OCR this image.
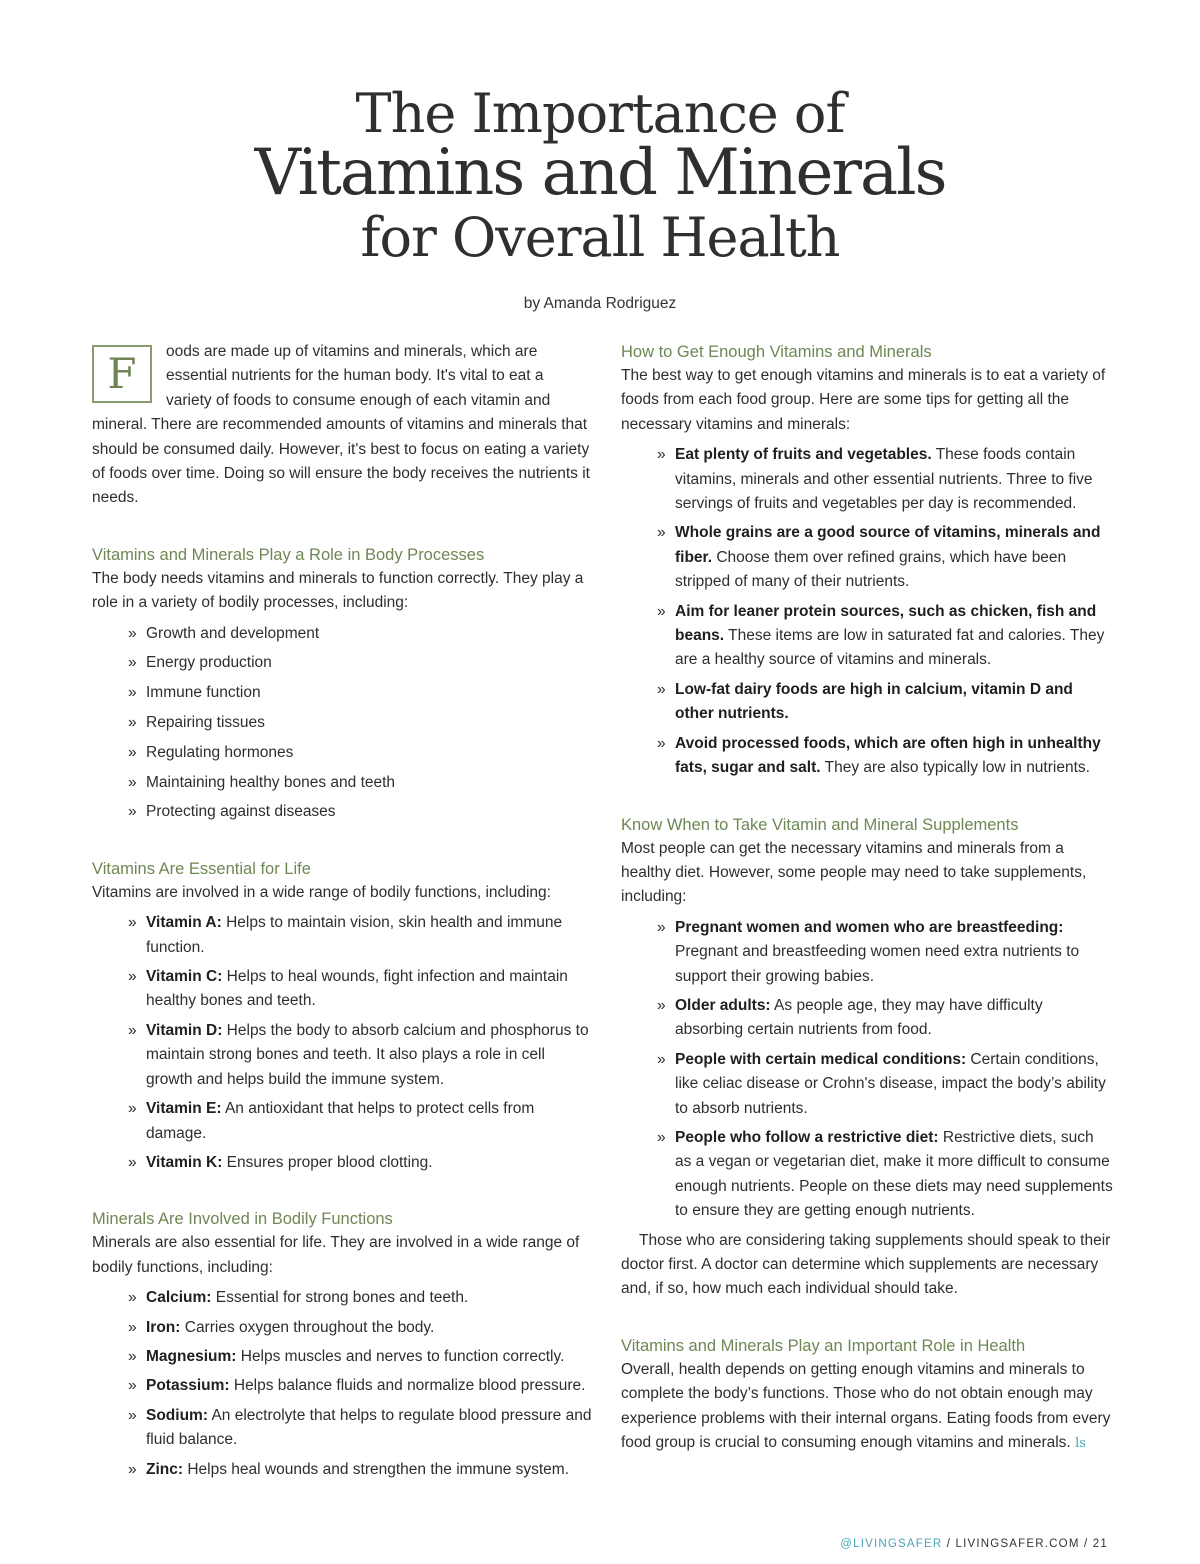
The Importance of
Vitamins and Minerals
for Overall Health
by Amanda Rodriguez
F	oods are made up of vitamins and minerals, which are essential nutrients for the human body. It's vital to eat a variety of foods to consume enough of each vitamin and mineral. There are recommended amounts of vitamins and minerals that should be consumed daily. However, it's best to focus on eating a variety of foods over time. Doing so will ensure the body receives the nutrients it needs.

Vitamins and Minerals Play a Role in Body Processes

The body needs vitamins and minerals to function correctly. They play a role in a variety of bodily processes, including:

» Growth and development
» Energy production
» Immune function
» Repairing tissues
» Regulating hormones
» Maintaining healthy bones and teeth
» Protecting against diseases
Vitamins Are Essential for Life

Vitamins are involved in a wide range of bodily functions, including:

» Vitamin A: Helps to maintain vision, skin health and immune function.
» Vitamin C: Helps to heal wounds, fight infection and maintain healthy bones and teeth.
» Vitamin D: Helps the body to absorb calcium and phosphorus to maintain strong bones and teeth. It also plays a role in cell growth and helps build the immune system.
» Vitamin E: An antioxidant that helps to protect cells from damage.
» Vitamin K: Ensures proper blood clotting.
Minerals Are Involved in Bodily Functions

Minerals are also essential for life. They are involved in a wide range of bodily functions, including:

» Calcium: Essential for strong bones and teeth.
» Iron: Carries oxygen throughout the body.
» Magnesium: Helps muscles and nerves to function correctly.
» Potassium: Helps balance fluids and normalize blood pressure.
» Sodium: An electrolyte that helps to regulate blood pressure and fluid balance.
» Zinc: Helps heal wounds and strengthen the immune system.
How to Get Enough Vitamins and Minerals

The best way to get enough vitamins and minerals is to eat a variety of foods from each food group. Here are some tips for getting all the necessary vitamins and minerals:

» Eat plenty of fruits and vegetables. These foods contain vitamins, minerals and other essential nutrients. Three to five servings of fruits and vegetables per day is recommended.
» Whole grains are a good source of vitamins, minerals and fiber. Choose them over refined grains, which have been stripped of many of their nutrients.
» Aim for leaner protein sources, such as chicken, fish and beans. These items are low in saturated fat and calories. They are a healthy source of vitamins and minerals.
» Low-fat dairy foods are high in calcium, vitamin D and other nutrients.
» Avoid processed foods, which are often high in unhealthy fats, sugar and salt. They are also typically low in nutrients.
Know When to Take Vitamin and Mineral Supplements

Most people can get the necessary vitamins and minerals from a healthy diet. However, some people may need to take supplements, including:

» Pregnant women and women who are breastfeeding: Pregnant and breastfeeding women need extra nutrients to support their growing babies.
» Older adults: As people age, they may have difficulty absorbing certain nutrients from food.
» People with certain medical conditions: Certain conditions, like celiac disease or Crohn's disease, impact the body’s ability to absorb nutrients.
» People who follow a restrictive diet: Restrictive diets, such as a vegan or vegetarian diet, make it more difficult to consume enough nutrients. People on these diets may need supplements to ensure they are getting enough nutrients.

Those who are considering taking supplements should speak to their doctor first. A doctor can determine which supplements are necessary and, if so, how much each individual should take.

Vitamins and Minerals Play an Important Role in Health

Overall, health depends on getting enough vitamins and minerals to complete the body’s functions. Those who do not obtain enough may experience problems with their internal organs. Eating foods from every food group is crucial to consuming enough vitamins and minerals. ls

@LIVINGSAFER / LIVINGSAFER.COM / 21
